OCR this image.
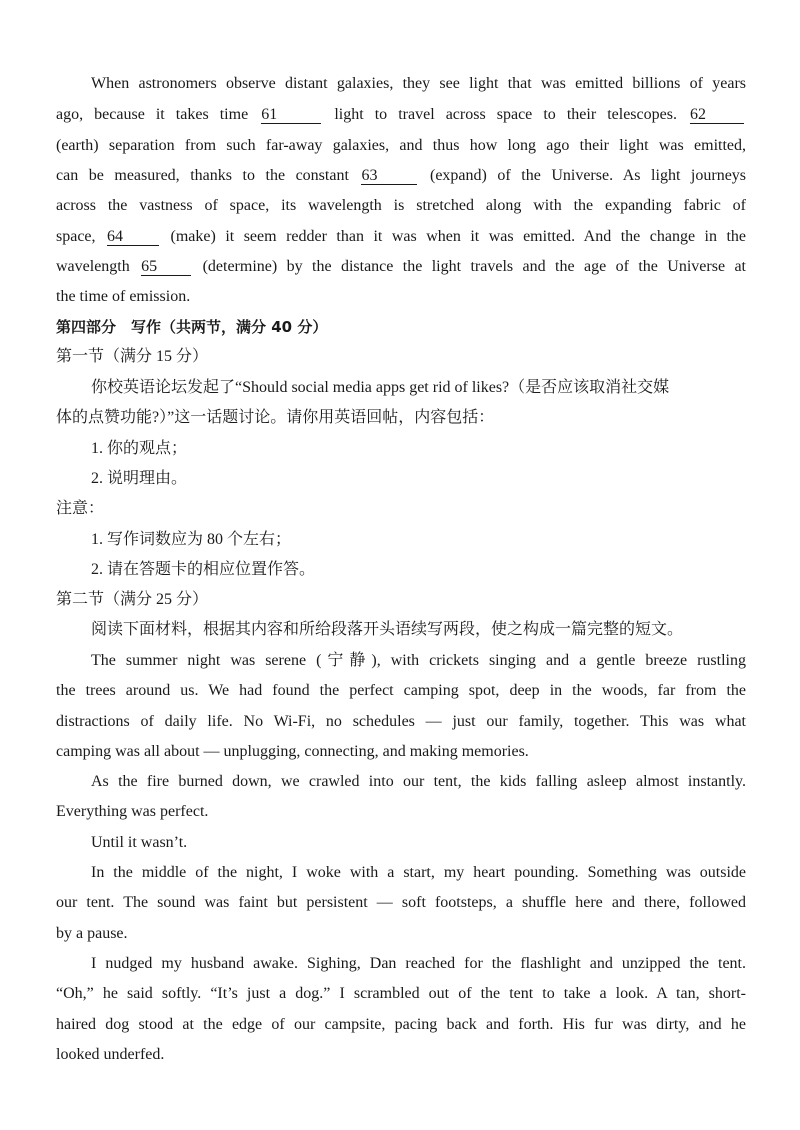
When astronomers observe distant galaxies, they see light that was emitted billions of years
ago, because it takes time 61	light to travel across space to their telescopes. 62
(earth) separation from such far-away galaxies, and thus how long ago their light was emitted,
can be measured, thanks to the constant 63	(expand) of the Universe. As light journeys
across the vastness of space, its wavelength is stretched along with the expanding fabric of
space, 64	(make) it seem redder than it was when it was emitted. And the change in the
wavelength 65	(determine) by the distance the light travels and the age of the Universe at
the time of emission.
第四部分　写作（共两节，满分 40 分）
第一节（满分 15 分）
你校英语论坛发起了“Should social media apps get rid of likes?（是否应该取消社交媒
体的点赞功能?）”这一话题讨论。请你用英语回帖，内容包括：
1. 你的观点；
2. 说明理由。
注意：
1. 写作词数应为 80 个左右；
2. 请在答题卡的相应位置作答。
第二节（满分 25 分）
阅读下面材料，根据其内容和所给段落开头语续写两段，使之构成一篇完整的短文。
The summer night was serene (宁静), with crickets singing and a gentle breeze rustling
the trees around us. We had found the perfect camping spot, deep in the woods, far from the
distractions of daily life. No Wi-Fi, no schedules — just our family, together. This was what
camping was all about — unplugging, connecting, and making memories.
As the fire burned down, we crawled into our tent, the kids falling asleep almost instantly.
Everything was perfect.
Until it wasn’t.
In the middle of the night, I woke with a start, my heart pounding. Something was outside
our tent. The sound was faint but persistent — soft footsteps, a shuffle here and there, followed
by a pause.
I nudged my husband awake. Sighing, Dan reached for the flashlight and unzipped the tent.
“Oh,” he said softly. “It’s just a dog.” I scrambled out of the tent to take a look. A tan, short-
haired dog stood at the edge of our campsite, pacing back and forth. His fur was dirty, and he
looked underfed.
